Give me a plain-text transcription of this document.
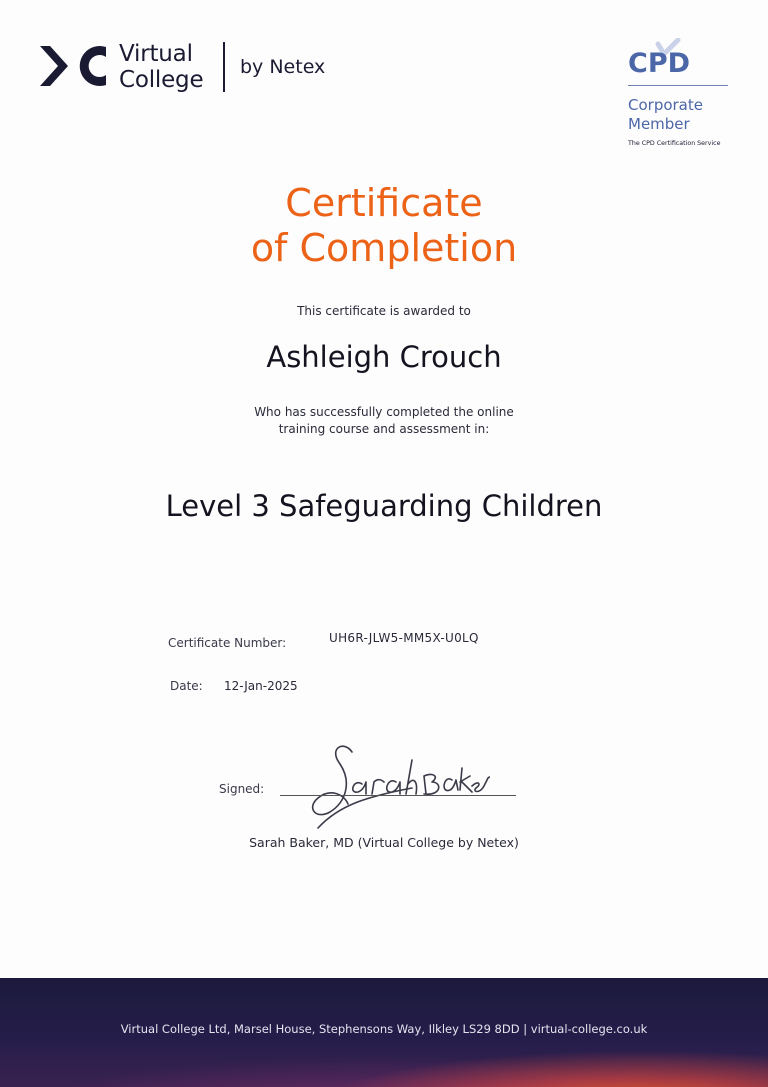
Virtual
College by Netex	CPD
Corporate
Member
The CPD Certification Service
Certificate
of Completion
This certificate is awarded to
Ashleigh Crouch
Who has successfully completed the online
training course and assessment in:
Level 3 Safeguarding Children
Certificate Number:	UH6R-JLW5-MM5X-U0LQ
Date: 12-Jan-2025
Signed:
Sarah Baker, MD (Virtual College by Netex)
Virtual College Ltd, Marsel House, Stephensons Way, Ilkley LS29 8DD | virtual-college.co.uk
